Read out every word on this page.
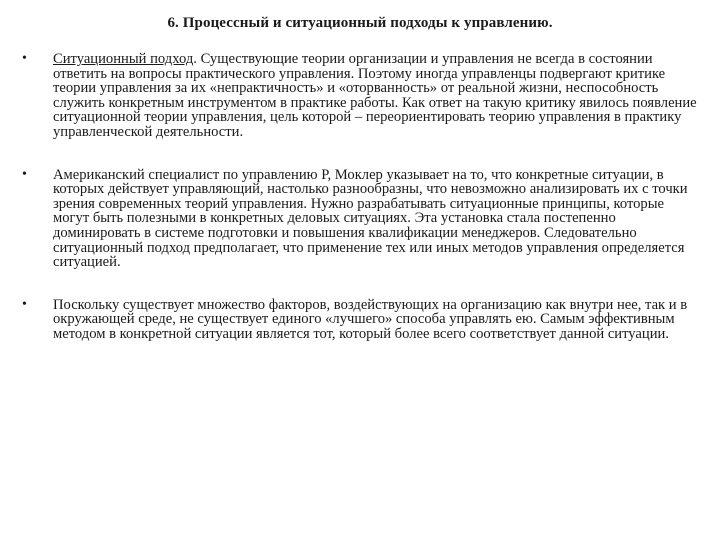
6. Процессный и ситуационный подходы к управлению.
• Ситуационный подход. Существующие теории организации и управления не всегда в состоянии ответить на вопросы практического управления. Поэтому иногда управленцы подвергают критике теории управления за их «непрактичность» и «оторванность» от реальной жизни, неспособность служить конкретным инструментом в практике работы. Как ответ на такую критику явилось появление ситуационной теории управления, цель которой – переориентировать теорию управления в практику управленческой деятельности.
• Американский специалист по управлению Р, Моклер указывает на то, что конкретные ситуации, в которых действует управляющий, настолько разнообразны, что невозможно анализировать их с точки зрения современных теорий управления. Нужно разрабатывать ситуационные принципы, которые могут быть полезными в конкретных деловых ситуациях. Эта установка стала постепенно доминировать в системе подготовки и повышения квалификации менеджеров. Следовательно ситуационный подход предполагает, что применение тех или иных методов управления определяется ситуацией.
• Поскольку существует множество факторов, воздействующих на организацию как внутри нее, так и в окружающей среде, не существует единого «лучшего» способа управлять ею. Самым эффективным методом в конкретной ситуации является тот, который более всего соответствует данной ситуации.
